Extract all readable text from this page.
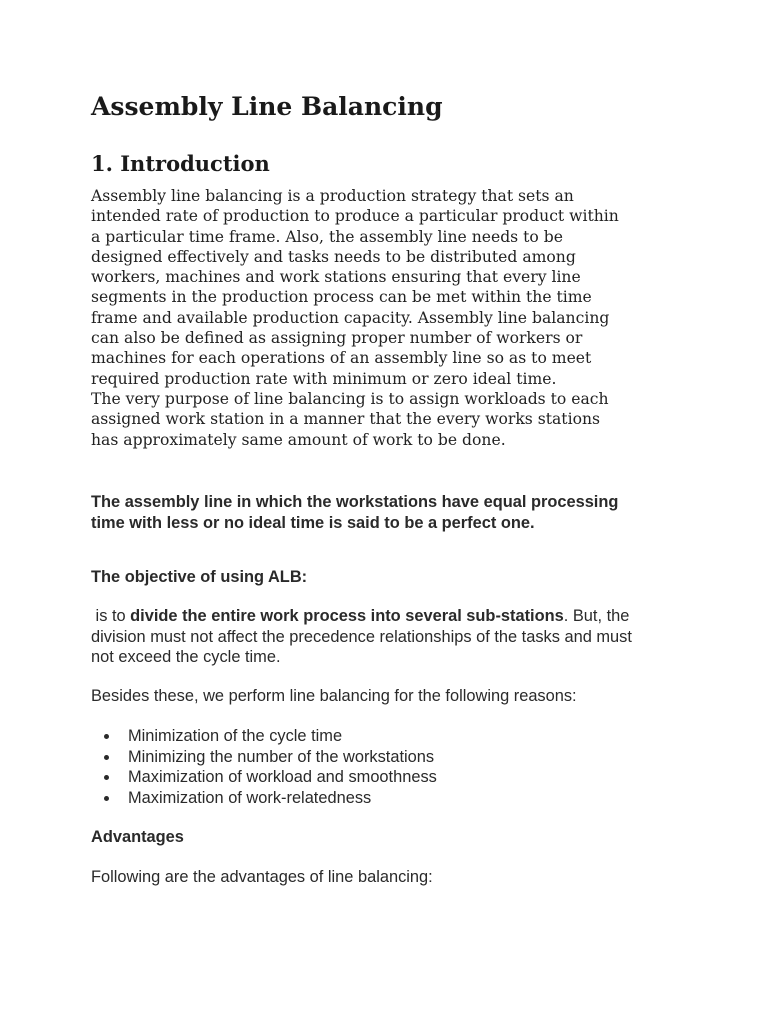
Assembly Line Balancing
1. Introduction

Assembly line balancing is a production strategy that sets an
intended rate of production to produce a particular product within
a particular time frame. Also, the assembly line needs to be
designed effectively and tasks needs to be distributed among
workers, machines and work stations ensuring that every line
segments in the production process can be met within the time
frame and available production capacity. Assembly line balancing
can also be defined as assigning proper number of workers or
machines for each operations of an assembly line so as to meet
required production rate with minimum or zero ideal time.
The very purpose of line balancing is to assign workloads to each
assigned work station in a manner that the every works stations
has approximately same amount of work to be done.

The assembly line in which the workstations have equal processing
time with less or no ideal time is said to be a perfect one.

The objective of using ALB:

is to divide the entire work process into several sub-stations. But, the
division must not affect the precedence relationships of the tasks and must
not exceed the cycle time.

Besides these, we perform line balancing for the following reasons:

Minimization of the cycle time
Minimizing the number of the workstations
Maximization of workload and smoothness
Maximization of work-relatedness

Advantages

Following are the advantages of line balancing:
